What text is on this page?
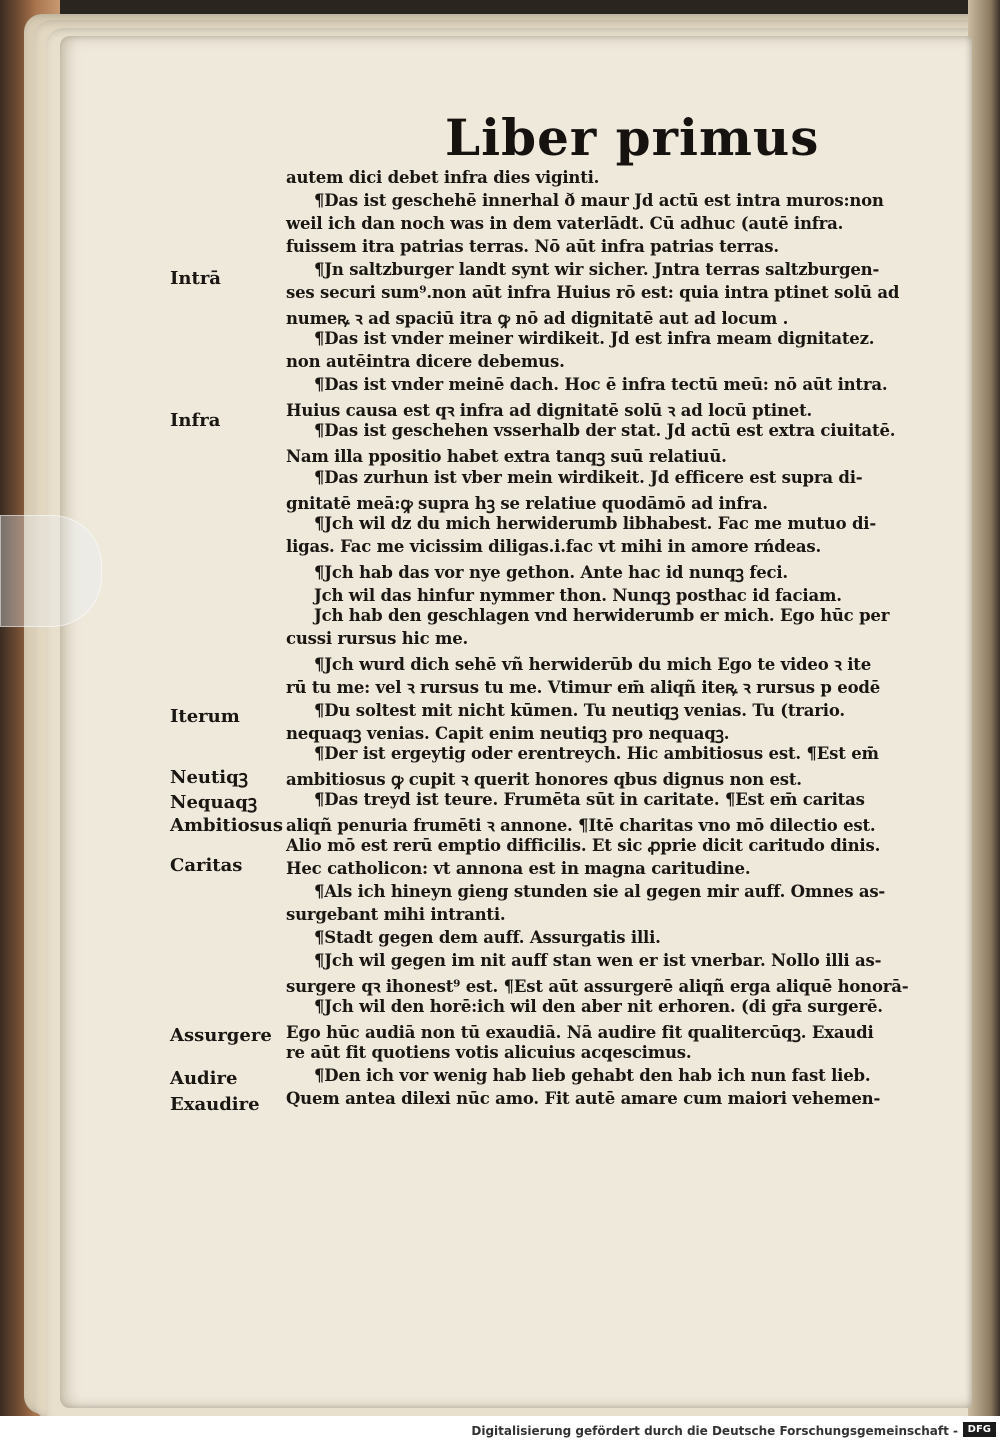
Liber primus
autem dici debet infra dies viginti.
¶Das ist geschehē innerhal ð maur Jd actū est intra muros:non
weil ich dan noch was in dem vaterlādt. Cū adhuc (autē infra.
fuissem itra patrias terras. Nō aūt infra patrias terras.
¶Jn saltzburger landt synt wir sicher. Jntra terras saltzburgen-
ses securi sum⁹.non aūt infra Huius rō est: quia intra ptinet solū ad
numeꝶ ꝛ ad spaciū itra ꝙ nō ad dignitatē aut ad locum .
¶Das ist vnder meiner wirdikeit. Jd est infra meam dignitatez.
non autēintra dicere debemus.
¶Das ist vnder meinē dach. Hoc ē infra tectū meū: nō aūt intra.
Huius causa est qꝛ infra ad dignitatē solū ꝛ ad locū ptinet.
¶Das ist geschehen vsserhalb der stat. Jd actū est extra ciuitatē.
Nam illa ppositio habet extra tanqꝫ suū relatiuū.
¶Das zurhun ist vber mein wirdikeit. Jd efficere est supra di-
gnitatē meā:ꝙ supra hꝫ se relatiue quodāmō ad infra.
¶Jch wil dz du mich herwiderumb libhabest. Fac me mutuo di-
ligas. Fac me vicissim diligas.i.fac vt mihi in amore rńdeas.
¶Jch hab das vor nye gethon. Ante hac id nunqꝫ feci.
Jch wil das hinfur nymmer thon. Nunqꝫ posthac id faciam.
Jch hab den geschlagen vnd herwiderumb er mich. Ego hūc per
cussi rursus hic me.
¶Jch wurd dich sehē vñ herwiderūb du mich Ego te video ꝛ ite
rū tu me: vel ꝛ rursus tu me. Vtimur em̄ aliqñ iteꝶ ꝛ rursus p eodē
¶Du soltest mit nicht kūmen. Tu neutiqꝫ venias. Tu (trario.
nequaqꝫ venias. Capit enim neutiqꝫ pro nequaqꝫ.
¶Der ist ergeytig oder erentreych. Hic ambitiosus est. ¶Est em̄
ambitiosus ꝙ cupit ꝛ querit honores qbus dignus non est.
¶Das treyd ist teure. Frumēta sūt in caritate. ¶Est em̄ caritas
aliqñ penuria frumēti ꝛ annone. ¶Itē charitas vno mō dilectio est.
Alio mō est rerū emptio difficilis. Et sic ꝓprie dicit caritudo dinis.
Hec catholicon: vt annona est in magna caritudine.
¶Als ich hineyn gieng stunden sie al gegen mir auff. Omnes as-
surgebant mihi intranti.
¶Stadt gegen dem auff. Assurgatis illi.
¶Jch wil gegen im nit auff stan wen er ist vnerbar. Nollo illi as-
surgere qꝛ ihonest⁹ est. ¶Est aūt assurgerē aliqñ erga aliquē honorā-
¶Jch wil den horē:ich wil den aber nit erhoren. (di gr̄a surgerē.
Ego hūc audiā non tū exaudiā. Nā audire fit qualitercūqꝫ. Exaudi
re aūt fit quotiens votis alicuius acqescimus.
¶Den ich vor wenig hab lieb gehabt den hab ich nun fast lieb.
Quem antea dilexi nūc amo. Fit autē amare cum maiori vehemen-
Intrā
Infra
Iterum
Neutiqꝫ
Nequaqꝫ
Ambitiosus
Caritas
Assurgere
Audire
Exaudire
Digitalisierung gefördert durch die Deutsche Forschungsgemeinschaft - DFG
